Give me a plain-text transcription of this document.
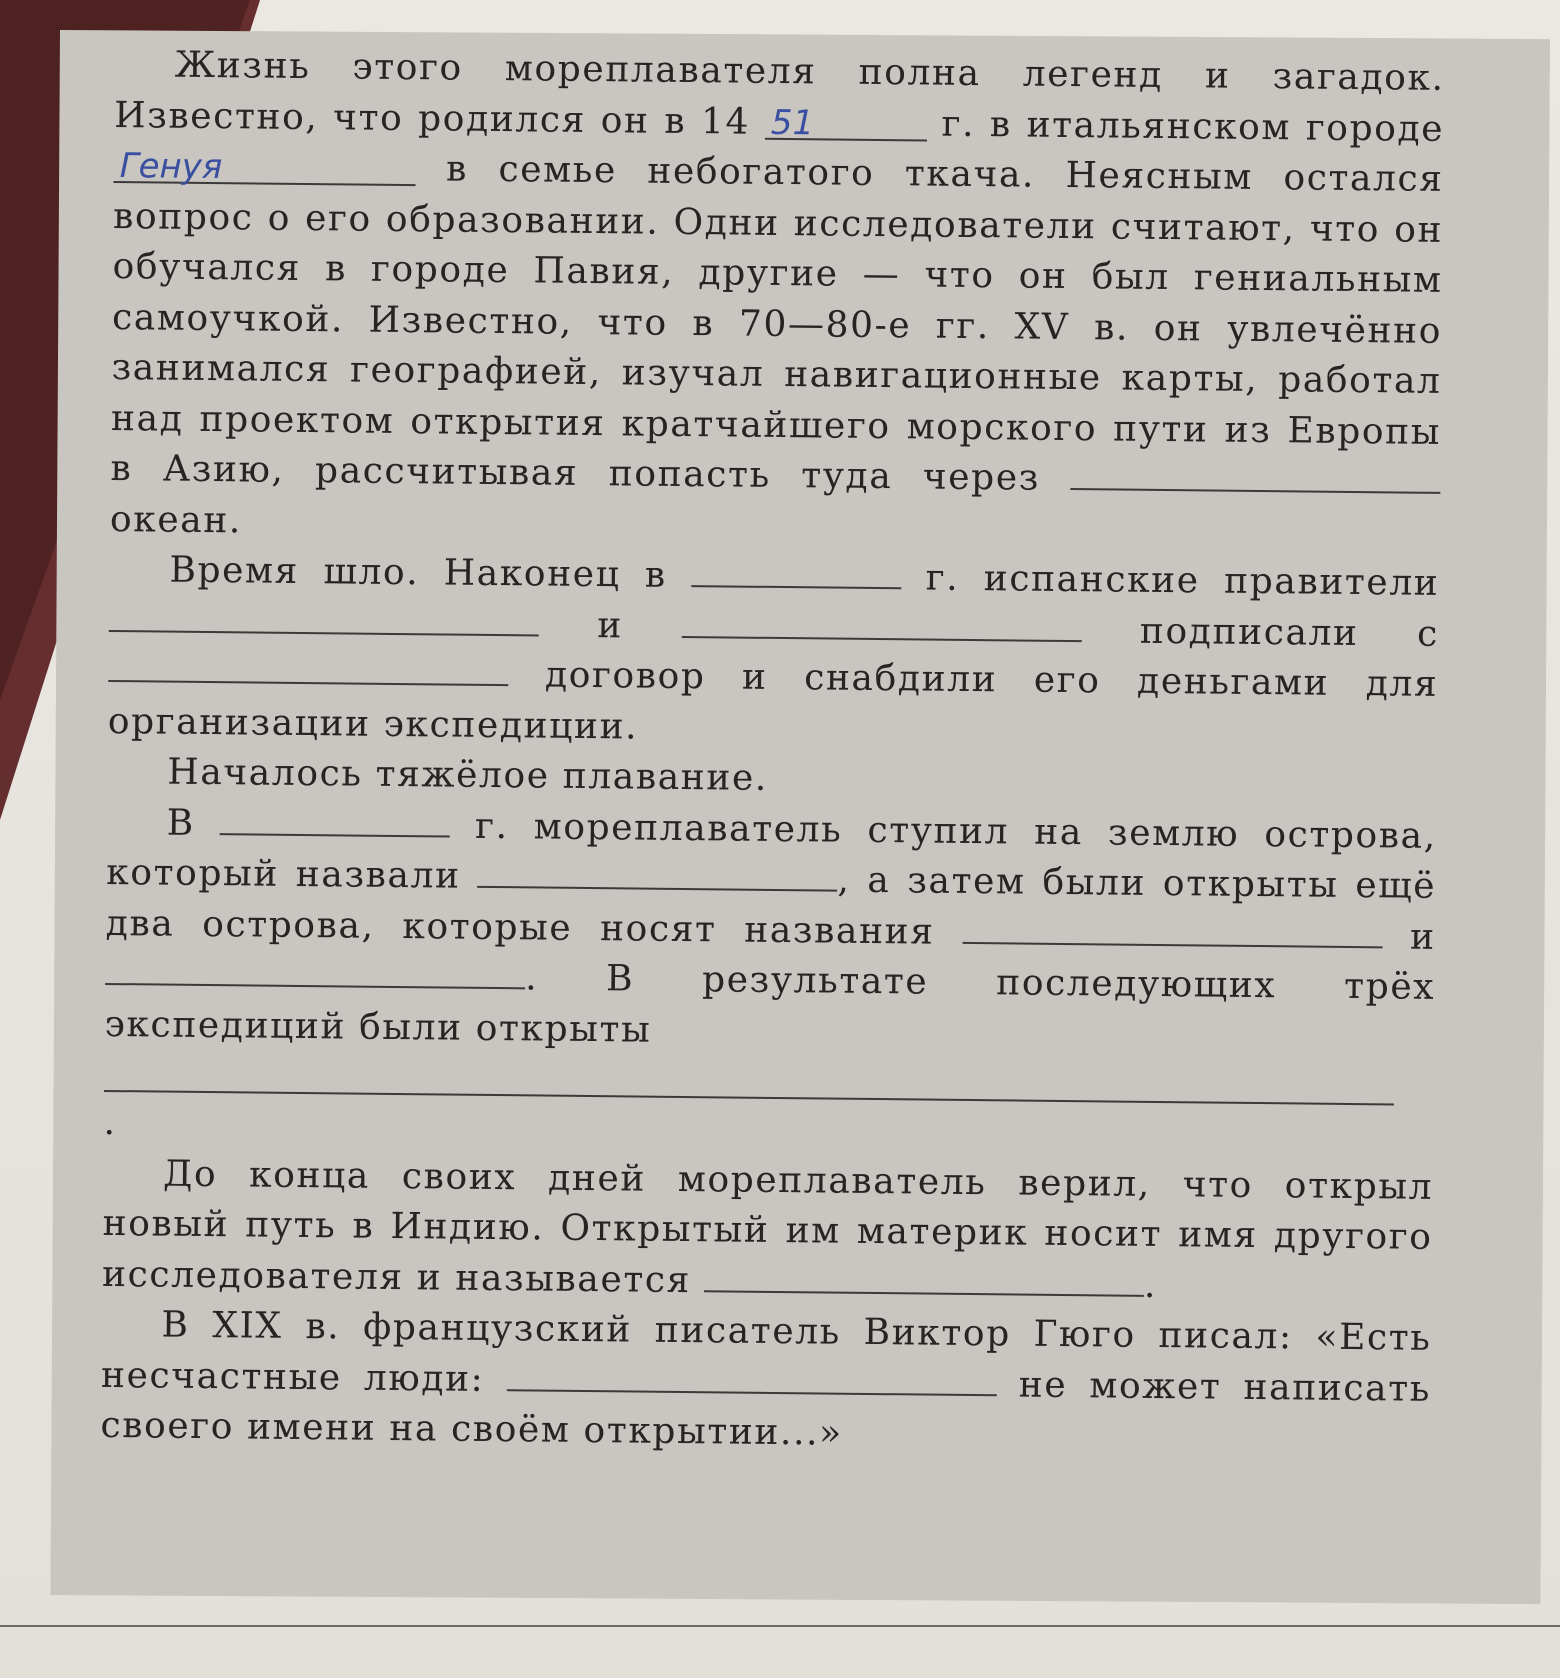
Жизнь этого мореплавателя полна легенд и загадок. Известно, что родился он в 14 51	г. в итальянском городе Генуя	в семье небогатого ткача. Неясным остался вопрос о его образовании. Одни исследователи считают, что он обучался в городе Павия, другие — что он был гениальным самоучкой. Известно, что в 70—80-е гг. XV в. он увлечённо занимался географией, изучал навигационные карты, работал над проектом открытия кратчайшего морского пути из Европы в Азию, рассчитывая попасть туда через  океан.

Время шло. Наконец в	г. испанские правители  и	подписали с  договор и снабдили его деньгами для организации экспедиции.

Началось тяжёлое плавание.

В	г. мореплаватель ступил на землю острова, который назвали	, а затем были открыты ещё два острова, которые носят названия	и . В результате последующих трёх экспедиций были открыты
.

До конца своих дней мореплаватель верил, что открыл новый путь в Индию. Открытый им материк носит имя другого исследователя и называется	.

В XIX в. французский писатель Виктор Гюго писал: «Есть несчастные люди:	не может написать своего имени на своём открытии...»
